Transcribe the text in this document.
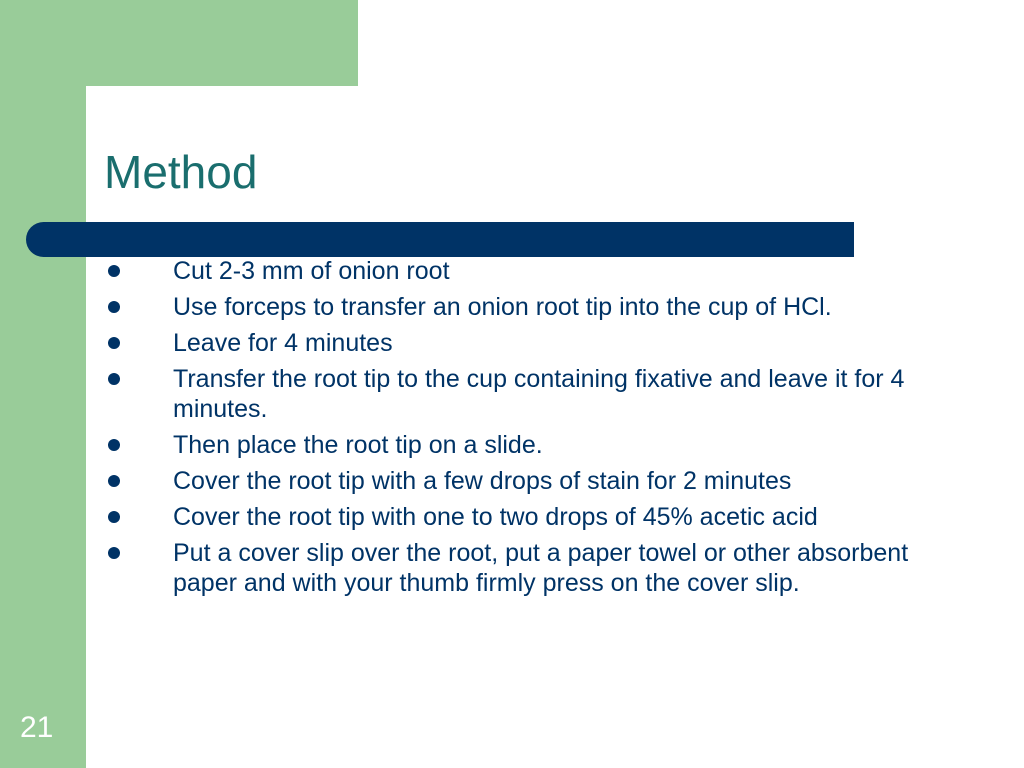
Method
Cut 2-3 mm of onion root
Use forceps to transfer an onion root tip into the cup of HCl.
Leave for 4 minutes
Transfer the root tip to the cup containing fixative and leave it for 4 minutes.
Then place the root tip on a slide.
Cover the root tip with a few drops of stain for 2 minutes
Cover the root tip with one to two drops of 45% acetic acid
Put a cover slip over the root, put a paper towel or other absorbent paper and with your thumb firmly press on the cover slip.
21
